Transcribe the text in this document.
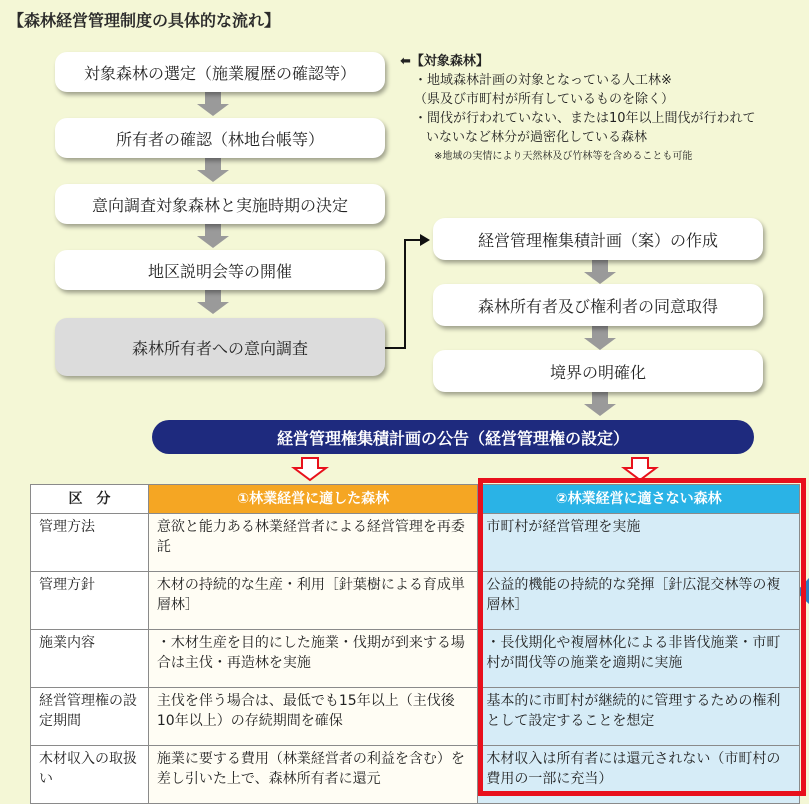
【森林経営管理制度の具体的な流れ】
対象森林の選定（施業履歴の確認等）
所有者の確認（林地台帳等）
意向調査対象森林と実施時期の決定
地区説明会等の開催
森林所有者への意向調査
経営管理権集積計画（案）の作成
森林所有者及び権利者の同意取得
境界の明確化
⬅【対象森林】
・地域森林計画の対象となっている人工林※
（県及び市町村が所有しているものを除く）
・間伐が行われていない、または10年以上間伐が行われて
いないなど林分が過密化している森林
※地域の実情により天然林及び竹林等を含めることも可能
経営管理権集積計画の公告（経営管理権の設定）
区　分	①林業経営に適した森林	②林業経営に適さない森林
管理方法	意欲と能力ある林業経営者による経営管理を再委託	市町村が経営管理を実施
管理方針	木材の持続的な生産・利用［針葉樹による育成単層林］	公益的機能の持続的な発揮［針広混交林等の複層林］
施業内容	・木材生産を目的にした施業・伐期が到来する場合は主伐・再造林を実施	・長伐期化や複層林化による非皆伐施業・市町村が間伐等の施業を適期に実施
経営管理権の設定期間	主伐を伴う場合は、最低でも15年以上（主伐後10年以上）の存続期間を確保	基本的に市町村が継続的に管理するための権利として設定することを想定
木材収入の取扱い	施業に要する費用（林業経営者の利益を含む）を差し引いた上で、森林所有者に還元	木材収入は所有者には還元されない（市町村の費用の一部に充当）
